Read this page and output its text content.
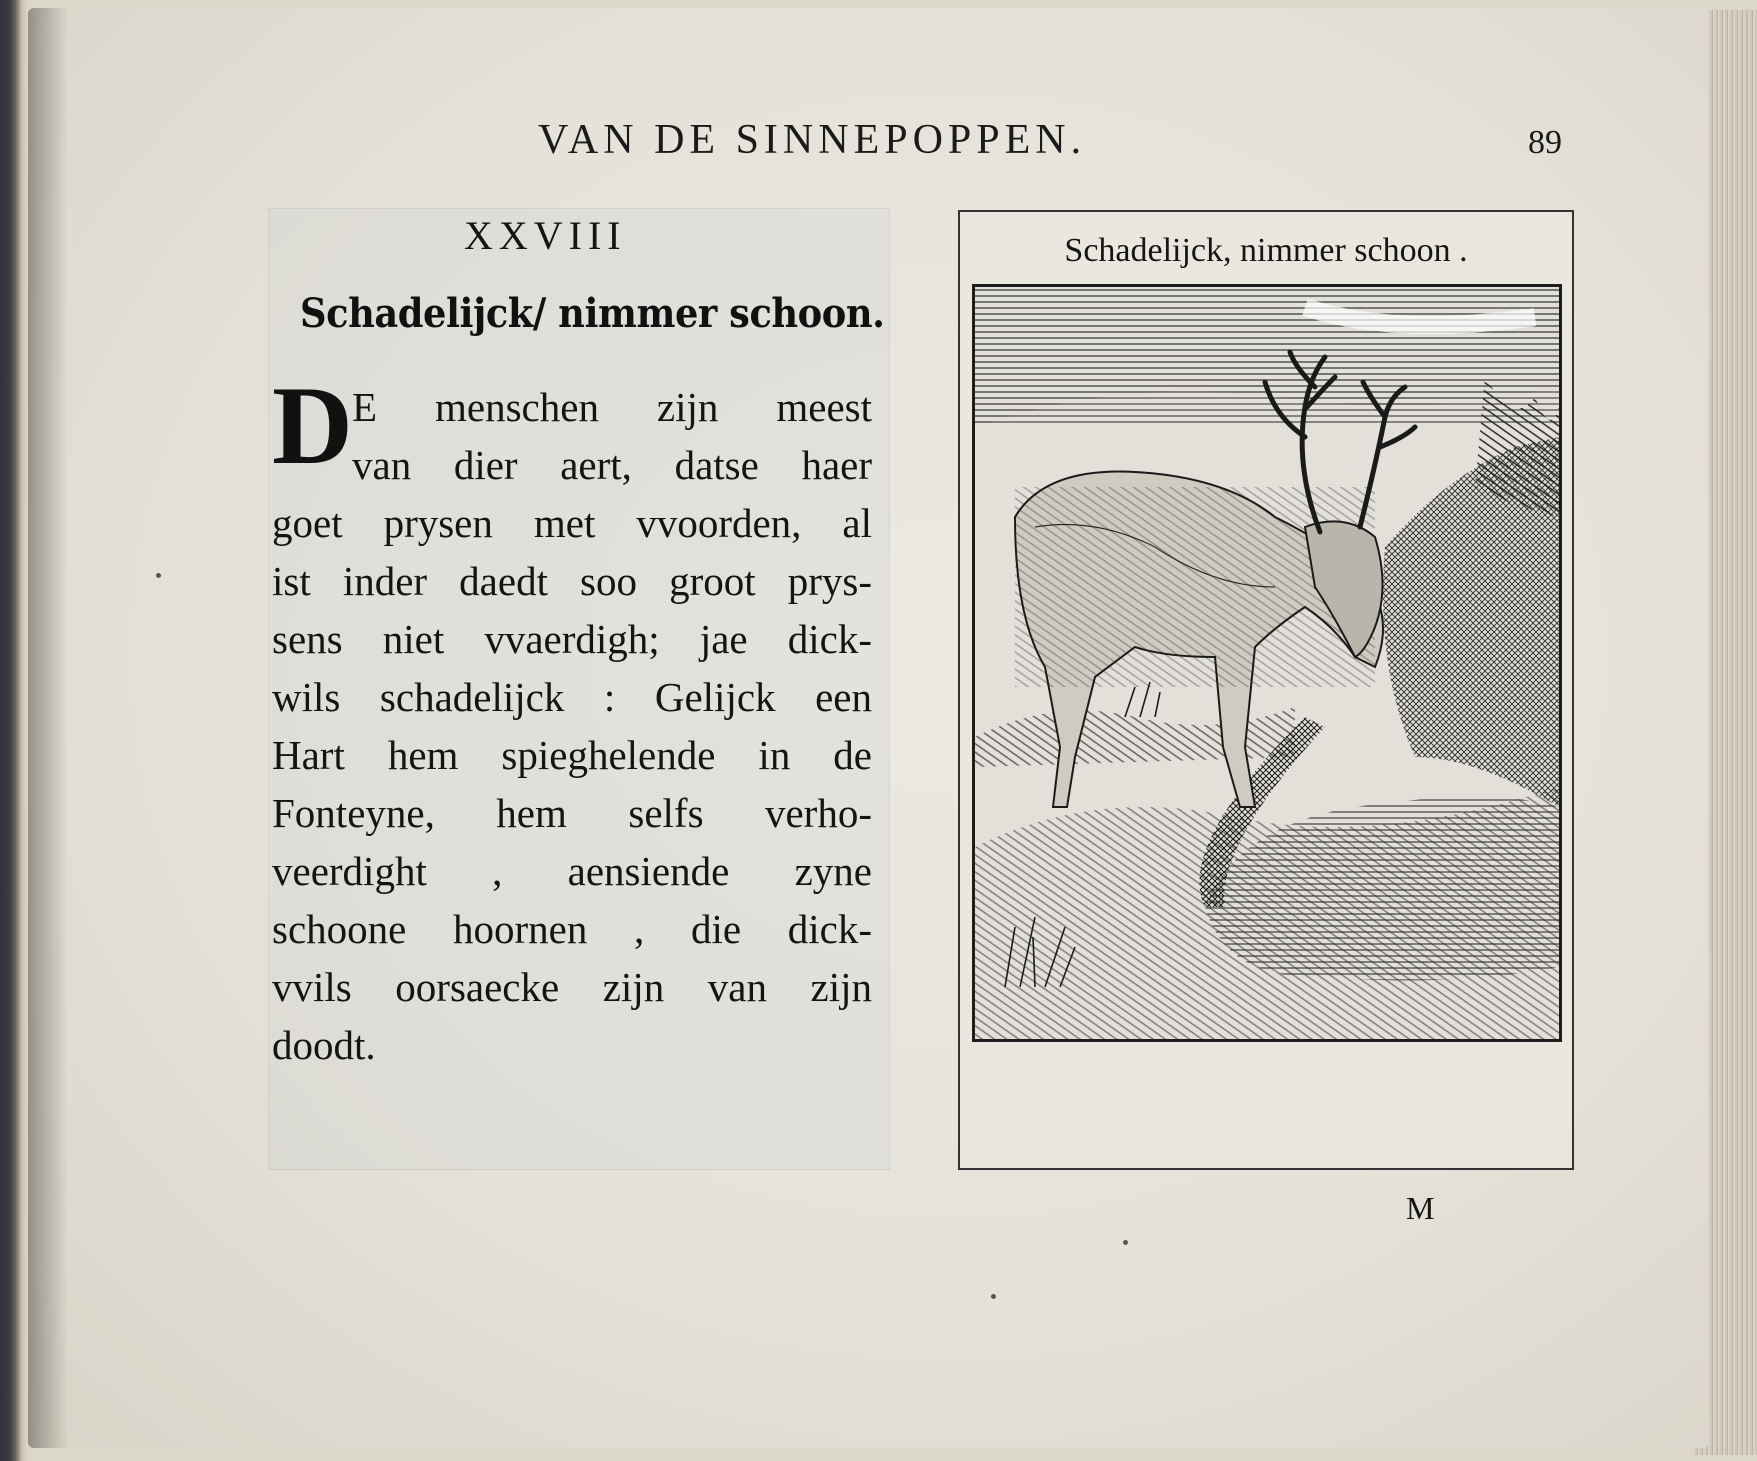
VAN DE SINNEPOPPEN.	89
XXVIII
Schadelijck/ nimmer schoon.
D E menschen zijn meest
van dier aert, datse haer
goet prysen met vvoorden, al
ist inder daedt soo groot prys-
sens niet vvaerdigh; jae dick-
wils schadelijck : Gelijck een
Hart hem spieghelende in de
Fonteyne, hem selfs verho-
veerdight , aensiende zyne
schoone hoornen , die dick-
vvils oorsaecke zijn van zijn
doodt.
Schadelijck, nimmer schoon .
M
